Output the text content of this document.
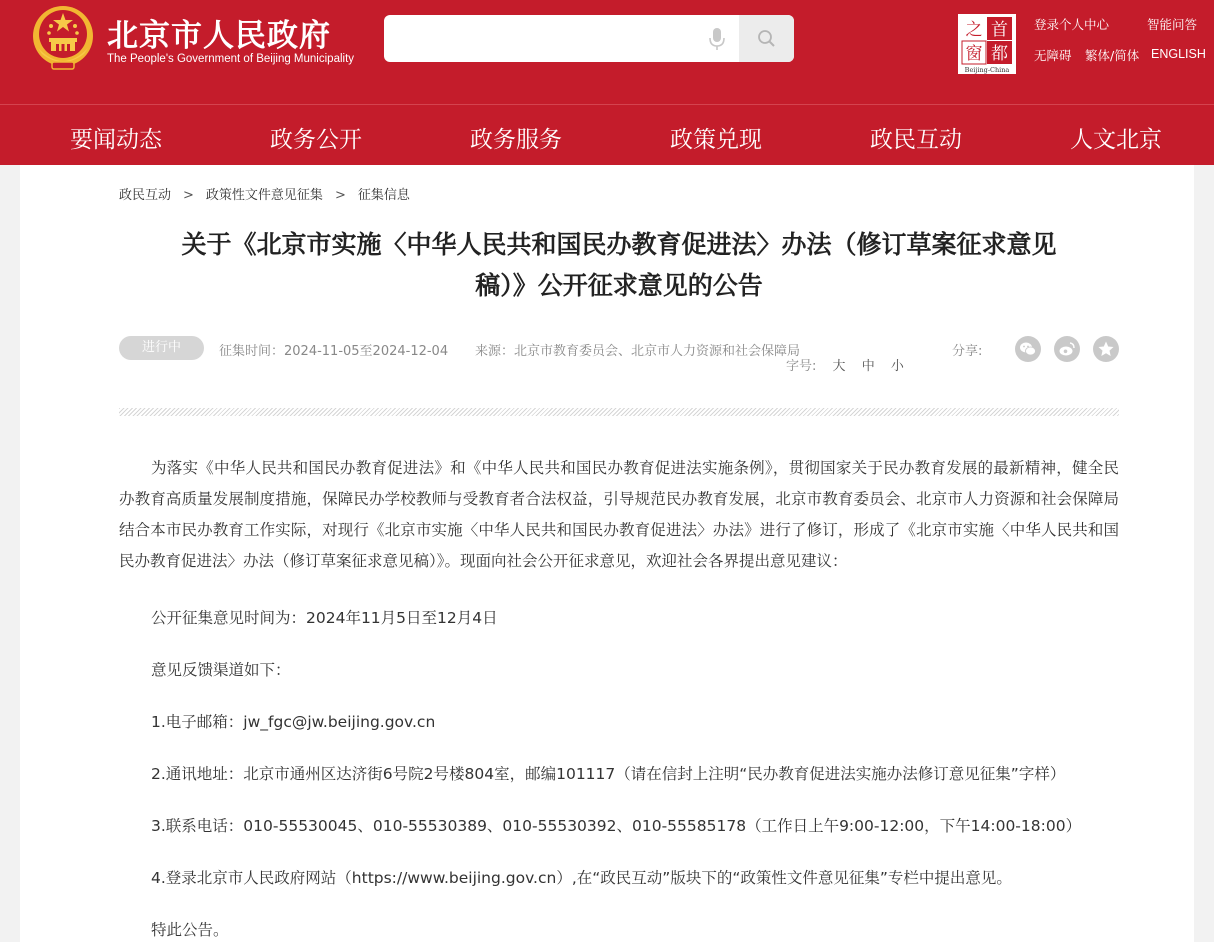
北京市人民政府
The People's Government of Beijing Municipality
首
都
之
窗
Beijing-China
登录个人中心	智能问答
无障碍 繁体/简体 ENGLISH
要闻动态	政务公开	政务服务	政策兑现	政民互动	人文北京
政民互动 > 政策性文件意见征集 > 征集信息
关于《北京市实施〈中华人民共和国民办教育促进法〉办法（修订草案征求意见
稿）》公开征求意见的公告
进行中	征集时间：2024-11-05至2024-12-04 来源：北京市教育委员会、北京市人力资源和社会保障局
字号: 大 中 小
分享:

为落实《中华人民共和国民办教育促进法》和《中华人民共和国民办教育促进法实施条例》，贯彻国家关于民办教育发展的最新精神，健全民办教育高质量发展制度措施，保障民办学校教师与受教育者合法权益，引导规范民办教育发展，北京市教育委员会、北京市人力资源和社会保障局结合本市民办教育工作实际，对现行《北京市实施〈中华人民共和国民办教育促进法〉办法》进行了修订，形成了《北京市实施〈中华人民共和国民办教育促进法〉办法（修订草案征求意见稿）》。现面向社会公开征求意见，欢迎社会各界提出意见建议：

公开征集意见时间为：2024年11月5日至12月4日
意见反馈渠道如下：
1.电子邮箱：jw_fgc@jw.beijing.gov.cn
2.通讯地址：北京市通州区达济街6号院2号楼804室，邮编101117（请在信封上注明“民办教育促进法实施办法修订意见征集”字样）
3.联系电话：010-55530045、010-55530389、010-55530392、010-55585178（工作日上午9:00-12:00，下午14:00-18:00）
4.登录北京市人民政府网站（https://www.beijing.gov.cn）,在“政民互动”版块下的“政策性文件意见征集”专栏中提出意见。
特此公告。
